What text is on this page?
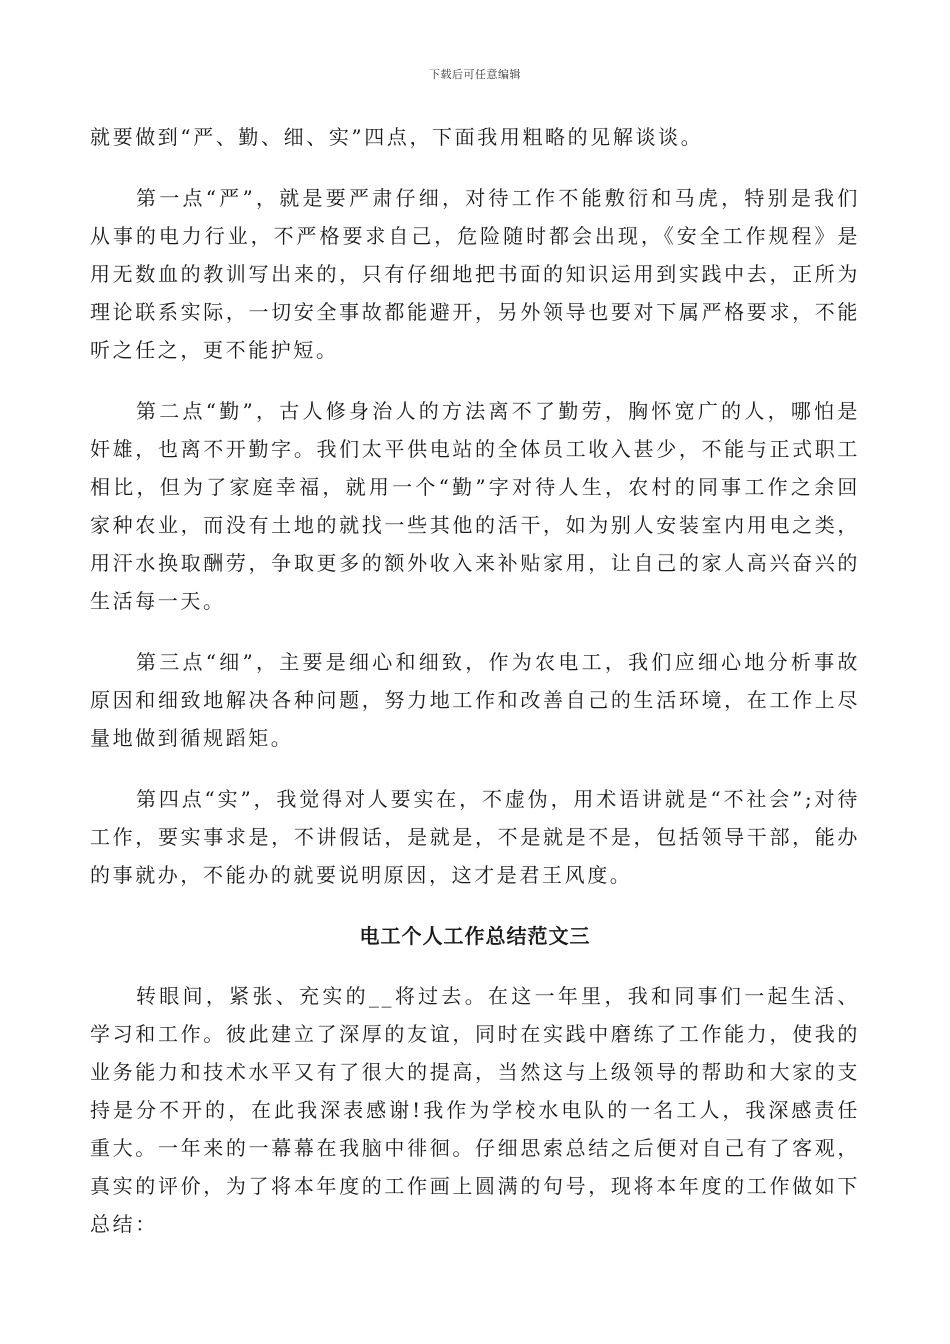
下载后可任意编辑

就要做到“严、勤、细、实”四点，下面我用粗略的见解谈谈。

第一点“严”，就是要严肃仔细，对待工作不能敷衍和马虎，特别是我们从事的电力行业，不严格要求自己，危险随时都会出现，《安全工作规程》是用无数血的教训写出来的，只有仔细地把书面的知识运用到实践中去，正所为理论联系实际，一切安全事故都能避开，另外领导也要对下属严格要求，不能听之任之，更不能护短。

第二点“勤”，古人修身治人的方法离不了勤劳，胸怀宽广的人，哪怕是奸雄，也离不开勤字。我们太平供电站的全体员工收入甚少，不能与正式职工相比，但为了家庭幸福，就用一个“勤”字对待人生，农村的同事工作之余回家种农业，而没有土地的就找一些其他的活干，如为别人安装室内用电之类，用汗水换取酬劳，争取更多的额外收入来补贴家用，让自己的家人高兴奋兴的生活每一天。

第三点“细”，主要是细心和细致，作为农电工，我们应细心地分析事故原因和细致地解决各种问题，努力地工作和改善自己的生活环境，在工作上尽量地做到循规蹈矩。

第四点“实”，我觉得对人要实在，不虚伪，用术语讲就是“不社会”;对待工作，要实事求是，不讲假话，是就是，不是就是不是，包括领导干部，能办的事就办，不能办的就要说明原因，这才是君王风度。

电工个人工作总结范文三

转眼间，紧张、充实的__将过去。在这一年里，我和同事们一起生活、学习和工作。彼此建立了深厚的友谊，同时在实践中磨练了工作能力，使我的业务能力和技术水平又有了很大的提高，当然这与上级领导的帮助和大家的支持是分不开的，在此我深表感谢!我作为学校水电队的一名工人，我深感责任重大。一年来的一幕幕在我脑中徘徊。仔细思索总结之后便对自己有了客观，真实的评价，为了将本年度的工作画上圆满的句号，现将本年度的工作做如下总结：
